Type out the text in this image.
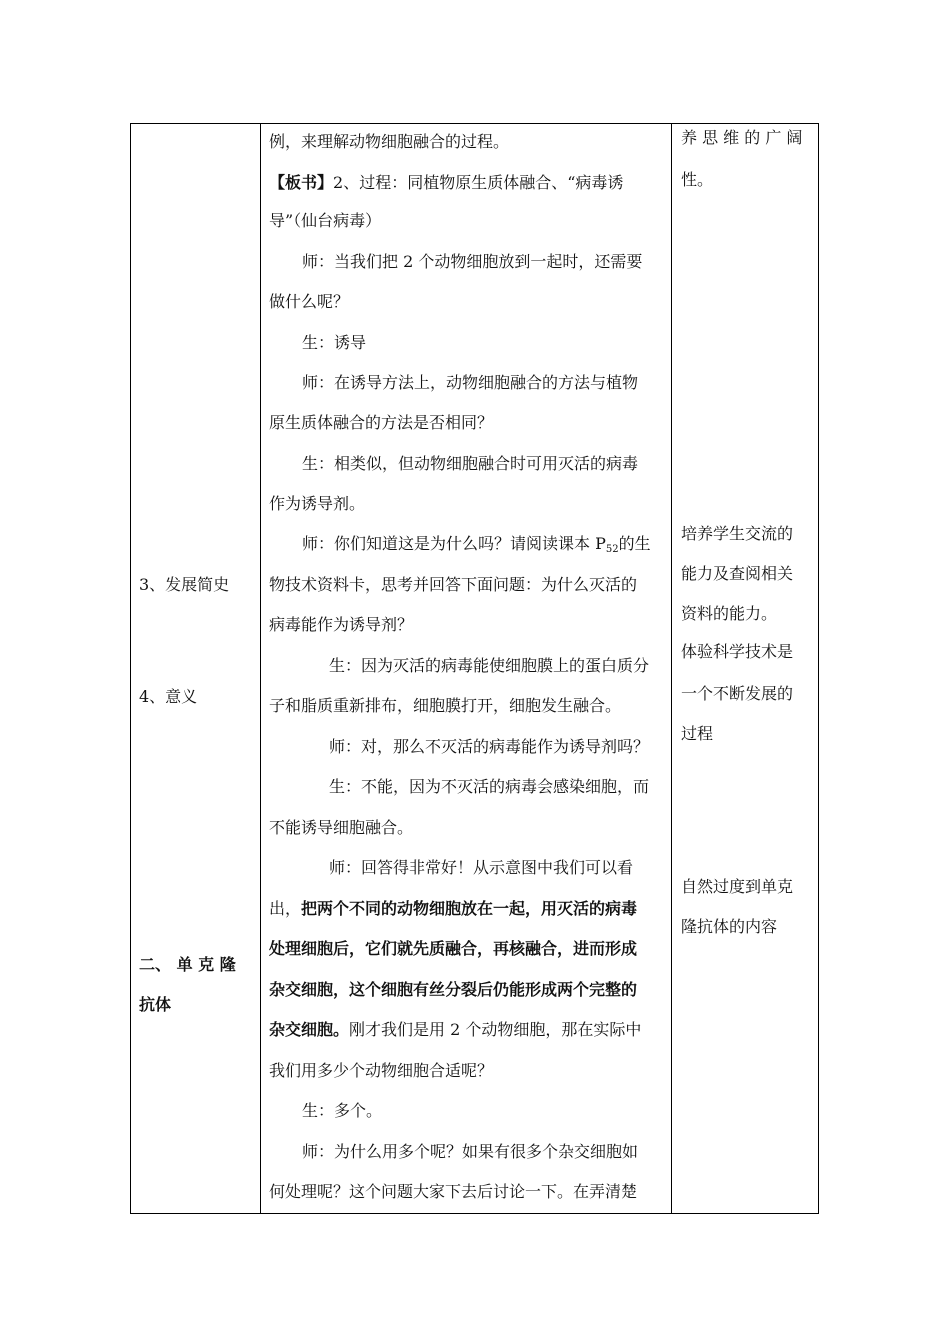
3、发展简史
4、意义
二、 单 克 隆
抗体
例，来理解动物细胞融合的过程。
【板书】2、过程：同植物原生质体融合、“病毒诱
导”（仙台病毒）
师：当我们把 2 个动物细胞放到一起时，还需要
做什么呢？
生：诱导
师：在诱导方法上，动物细胞融合的方法与植物
原生质体融合的方法是否相同？
生：相类似，但动物细胞融合时可用灭活的病毒
作为诱导剂。
师：你们知道这是为什么吗？请阅读课本 $P_{52}$的生
物技术资料卡，思考并回答下面问题：为什么灭活的
病毒能作为诱导剂？
生：因为灭活的病毒能使细胞膜上的蛋白质分
子和脂质重新排布，细胞膜打开，细胞发生融合。
师：对，那么不灭活的病毒能作为诱导剂吗？
生：不能，因为不灭活的病毒会感染细胞，而
不能诱导细胞融合。
师：回答得非常好！从示意图中我们可以看
出，把两个不同的动物细胞放在一起，用灭活的病毒
处理细胞后，它们就先质融合，再核融合，进而形成
杂交细胞，这个细胞有丝分裂后仍能形成两个完整的
杂交细胞。刚才我们是用 2 个动物细胞，那在实际中
我们用多少个动物细胞合适呢？
生：多个。
师：为什么用多个呢？如果有很多个杂交细胞如
何处理呢？这个问题大家下去后讨论一下。在弄清楚
养 思 维 的 广 阔
性。
培养学生交流的
能力及查阅相关
资料的能力。
体验科学技术是
一个不断发展的
过程
自然过度到单克
隆抗体的内容
